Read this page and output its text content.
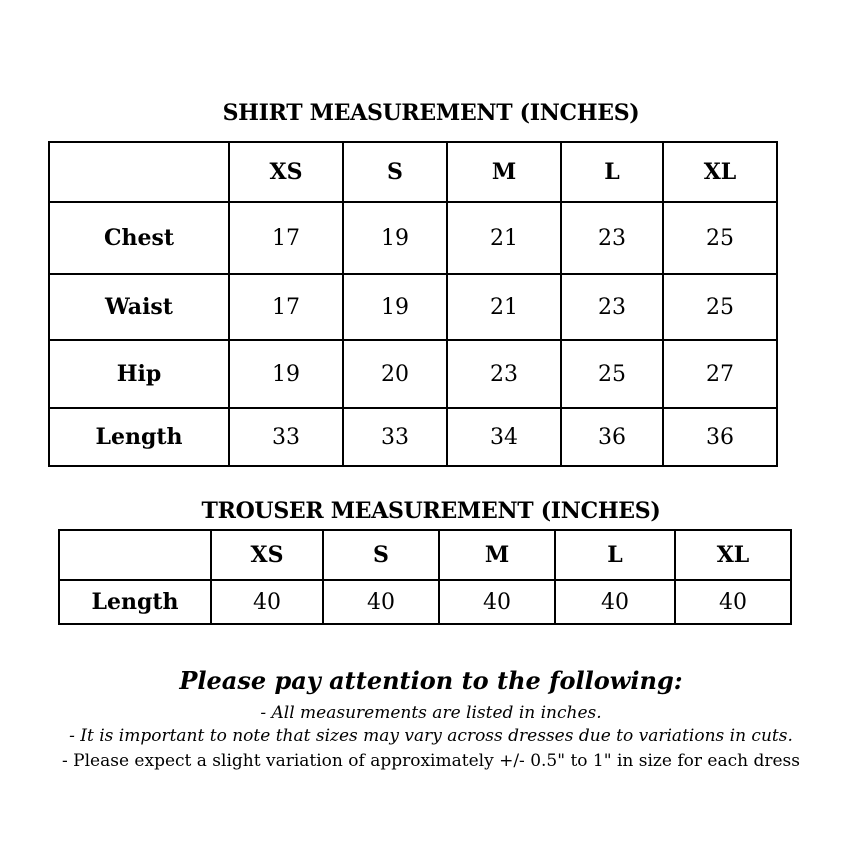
SHIRT MEASUREMENT (INCHES)
	XS	S	M	L	XL
Chest	17	19	21	23	25
Waist	17	19	21	23	25
Hip	19	20	23	25	27
Length	33	33	34	36	36
TROUSER MEASUREMENT (INCHES)
	XS	S	M	L	XL
Length	40	40	40	40	40
Please pay attention to the following:
- All measurements are listed in inches.
- It is important to note that sizes may vary across dresses due to variations in cuts.
- Please expect a slight variation of approximately +/- 0.5" to 1" in size for each dress
